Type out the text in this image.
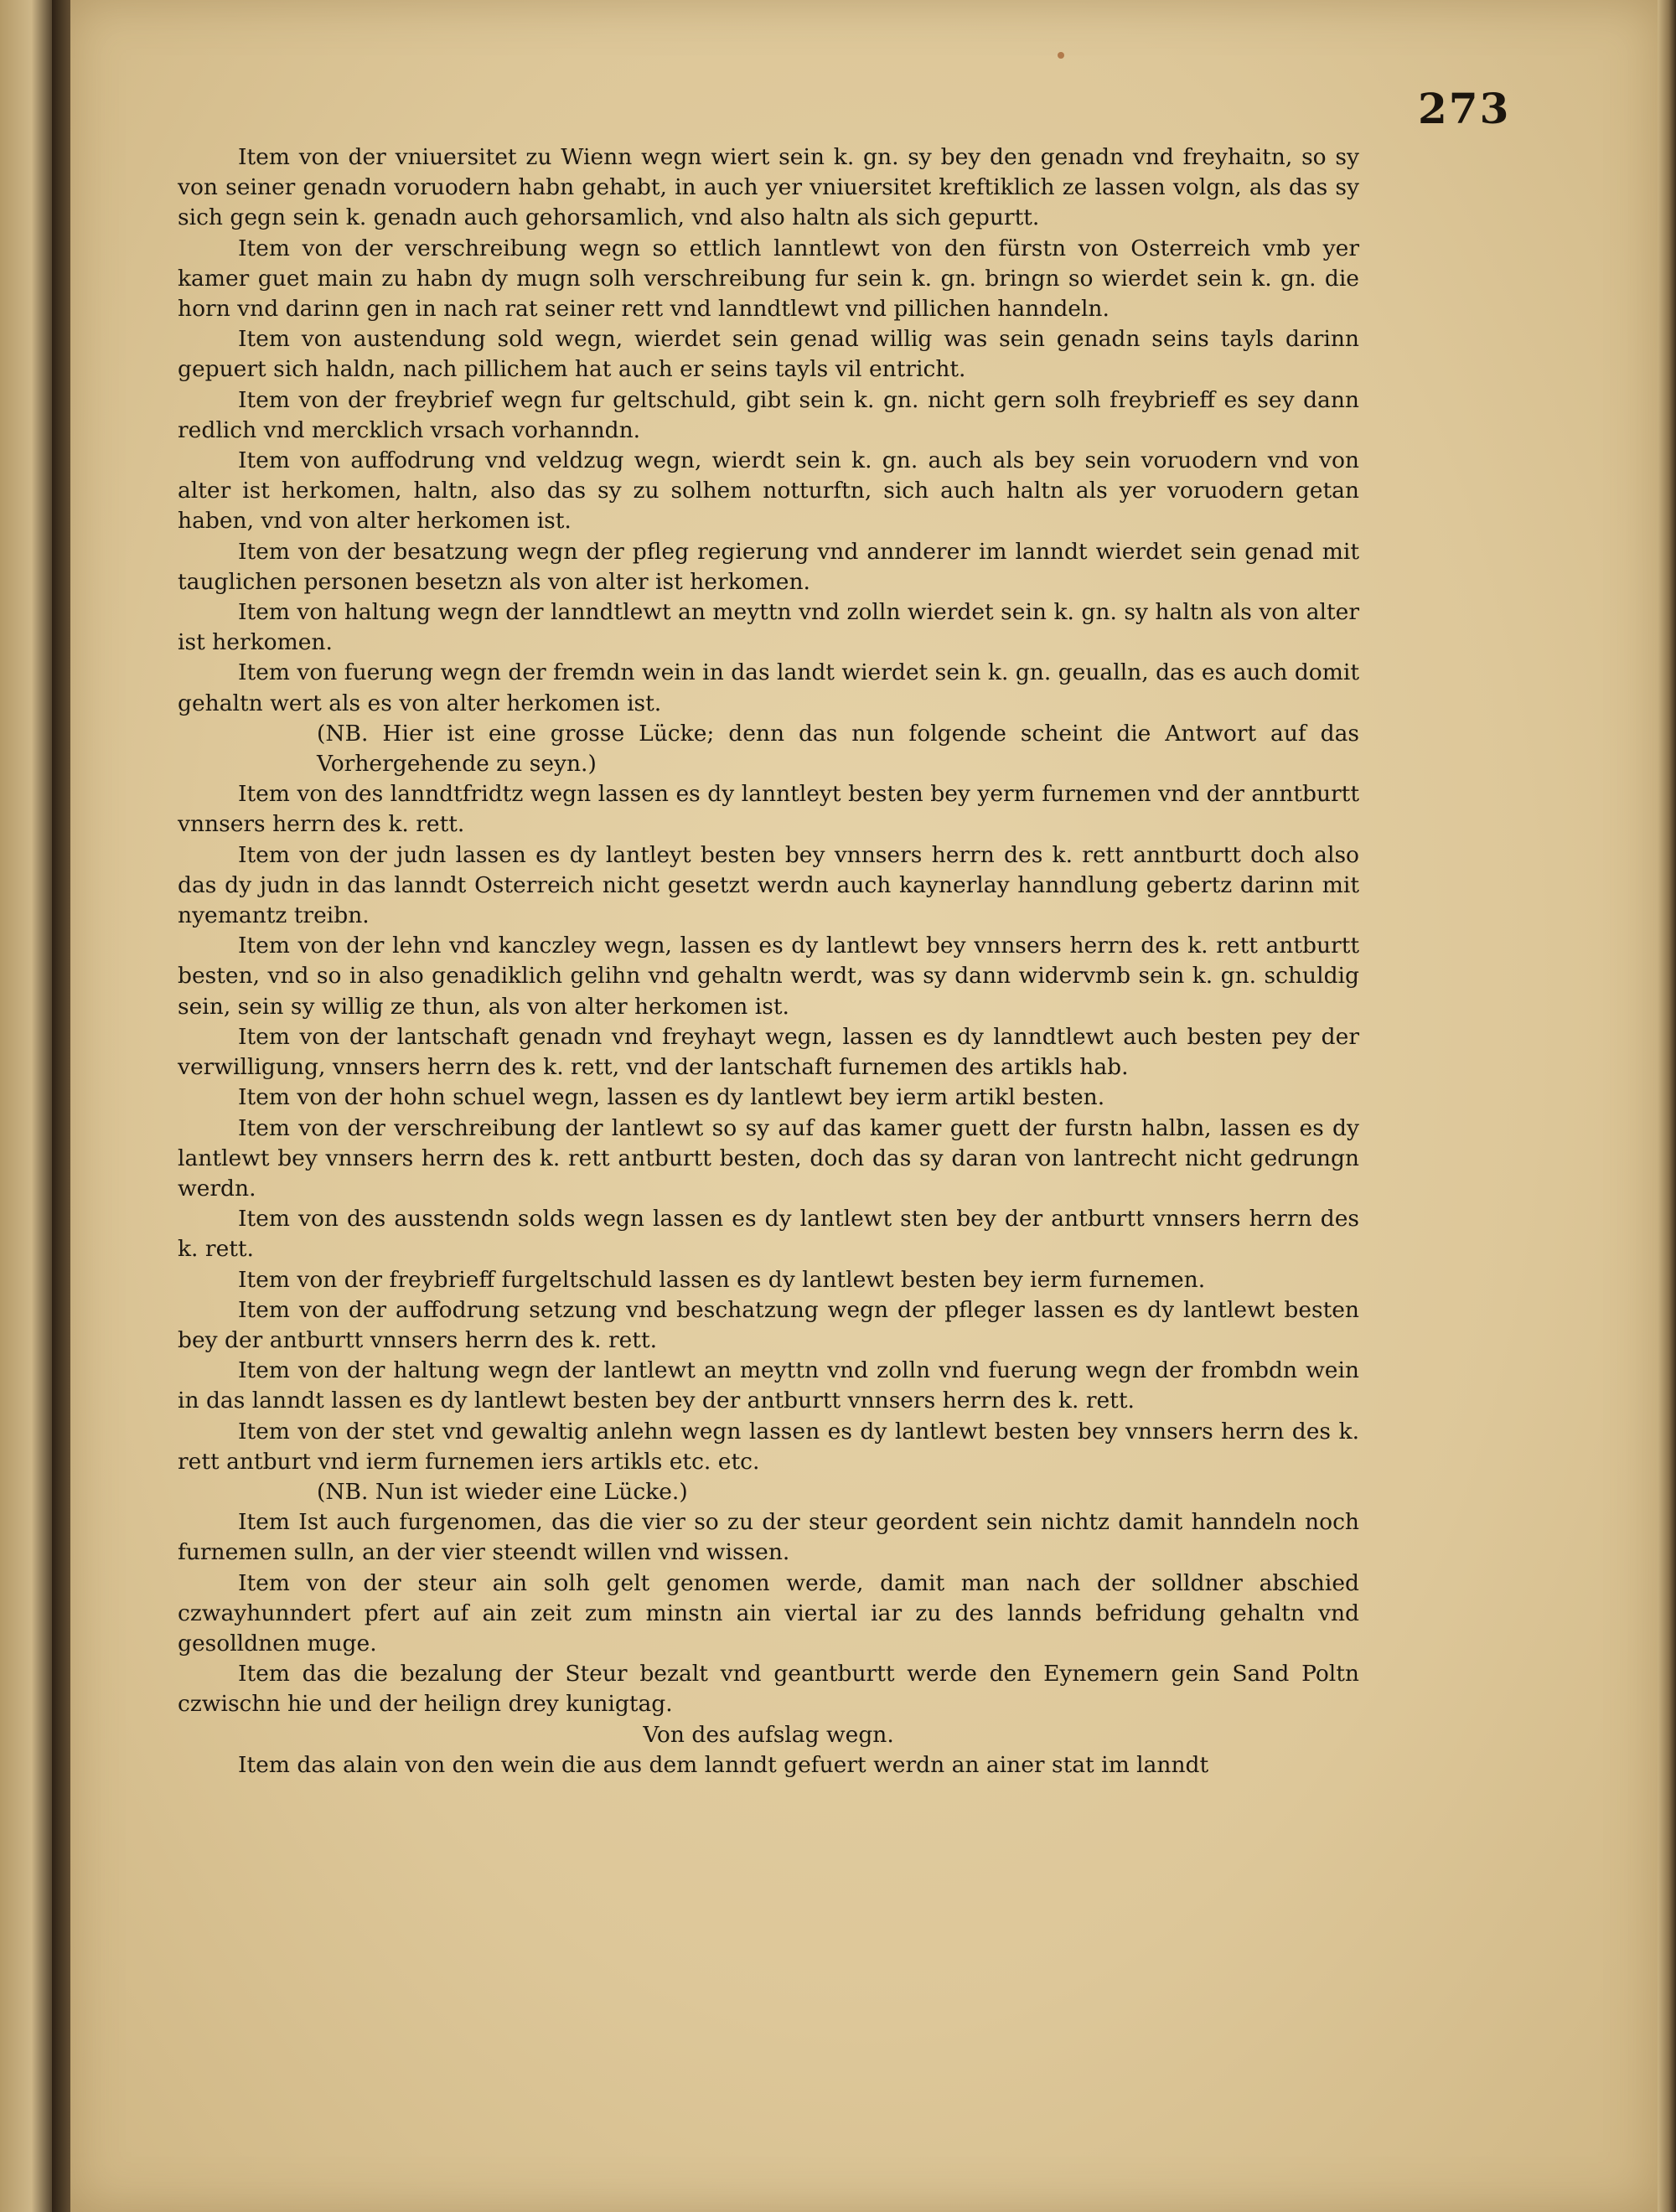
273

Item von der vniuersitet zu Wienn wegn wiert sein k. gn. sy bey den genadn vnd freyhaitn, so sy von seiner genadn voruodern habn gehabt, in auch yer vniuersitet kreftiklich ze lassen volgn, als das sy sich gegn sein k. genadn auch gehorsamlich, vnd also haltn als sich gepurtt.

Item von der verschreibung wegn so ettlich lanntlewt von den fürstn von Osterreich vmb yer kamer guet main zu habn dy mugn solh verschreibung fur sein k. gn. bringn so wierdet sein k. gn. die horn vnd darinn gen in nach rat seiner rett vnd lanndtlewt vnd pillichen hanndeln.

Item von austendung sold wegn, wierdet sein genad willig was sein genadn seins tayls darinn gepuert sich haldn, nach pillichem hat auch er seins tayls vil entricht.

Item von der freybrief wegn fur geltschuld, gibt sein k. gn. nicht gern solh freybrieff es sey dann redlich vnd mercklich vrsach vorhanndn.

Item von auffodrung vnd veldzug wegn, wierdt sein k. gn. auch als bey sein voruodern vnd von alter ist herkomen, haltn, also das sy zu solhem notturftn, sich auch haltn als yer voruodern getan haben, vnd von alter herkomen ist.

Item von der besatzung wegn der pfleg regierung vnd annderer im lanndt wierdet sein genad mit tauglichen personen besetzn als von alter ist herkomen.

Item von haltung wegn der lanndtlewt an meyttn vnd zolln wierdet sein k. gn. sy haltn als von alter ist herkomen.

Item von fuerung wegn der fremdn wein in das landt wierdet sein k. gn. geualln, das es auch domit gehaltn wert als es von alter herkomen ist.

(NB. Hier ist eine grosse Lücke; denn das nun folgende scheint die Antwort auf das Vorhergehende zu seyn.)

Item von des lanndtfridtz wegn lassen es dy lanntleyt besten bey yerm furnemen vnd der anntburtt vnnsers herrn des k. rett.

Item von der judn lassen es dy lantleyt besten bey vnnsers herrn des k. rett anntburtt doch also das dy judn in das lanndt Osterreich nicht gesetzt werdn auch kaynerlay hanndlung gebertz darinn mit nyemantz treibn.

Item von der lehn vnd kanczley wegn, lassen es dy lantlewt bey vnnsers herrn des k. rett antburtt besten, vnd so in also genadiklich gelihn vnd gehaltn werdt, was sy dann widervmb sein k. gn. schuldig sein, sein sy willig ze thun, als von alter herkomen ist.

Item von der lantschaft genadn vnd freyhayt wegn, lassen es dy lanndtlewt auch besten pey der verwilligung, vnnsers herrn des k. rett, vnd der lantschaft furnemen des artikls hab.

Item von der hohn schuel wegn, lassen es dy lantlewt bey ierm artikl besten.

Item von der verschreibung der lantlewt so sy auf das kamer guett der furstn halbn, lassen es dy lantlewt bey vnnsers herrn des k. rett antburtt besten, doch das sy daran von lantrecht nicht gedrungn werdn.

Item von des ausstendn solds wegn lassen es dy lantlewt sten bey der antburtt vnnsers herrn des k. rett.

Item von der freybrieff furgeltschuld lassen es dy lantlewt besten bey ierm furnemen.

Item von der auffodrung setzung vnd beschatzung wegn der pfleger lassen es dy lantlewt besten bey der antburtt vnnsers herrn des k. rett.

Item von der haltung wegn der lantlewt an meyttn vnd zolln vnd fuerung wegn der frombdn wein in das lanndt lassen es dy lantlewt besten bey der antburtt vnnsers herrn des k. rett.

Item von der stet vnd gewaltig anlehn wegn lassen es dy lantlewt besten bey vnnsers herrn des k. rett antburt vnd ierm furnemen iers artikls etc. etc.

(NB. Nun ist wieder eine Lücke.)

Item Ist auch furgenomen, das die vier so zu der steur geordent sein nichtz damit hanndeln noch furnemen sulln, an der vier steendt willen vnd wissen.

Item von der steur ain solh gelt genomen werde, damit man nach der solldner abschied czwayhunndert pfert auf ain zeit zum minstn ain viertal iar zu des lannds befridung gehaltn vnd gesolldnen muge.

Item das die bezalung der Steur bezalt vnd geantburtt werde den Eynemern gein Sand Poltn czwischn hie und der heilign drey kunigtag.

Von des aufslag wegn.

Item das alain von den wein die aus dem lanndt gefuert werdn an ainer stat im lanndt
